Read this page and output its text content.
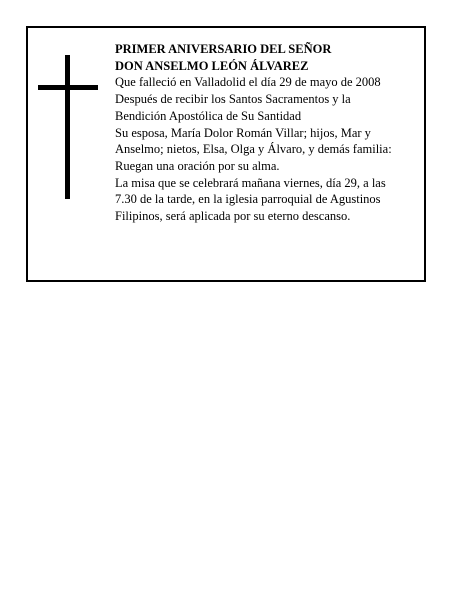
PRIMER ANIVERSARIO DEL SEÑOR
DON ANSELMO LEÓN ÁLVAREZ
Que falleció en Valladolid el día 29 de mayo de 2008
Después de recibir los Santos Sacramentos y la
Bendición Apostólica de Su Santidad
Su esposa, María Dolor Román Villar; hijos, Mar y
Anselmo; nietos, Elsa, Olga y Álvaro, y demás familia:
Ruegan una oración por su alma.
La misa que se celebrará mañana viernes, día 29, a las
7.30 de la tarde, en la iglesia parroquial de Agustinos
Filipinos, será aplicada por su eterno descanso.
